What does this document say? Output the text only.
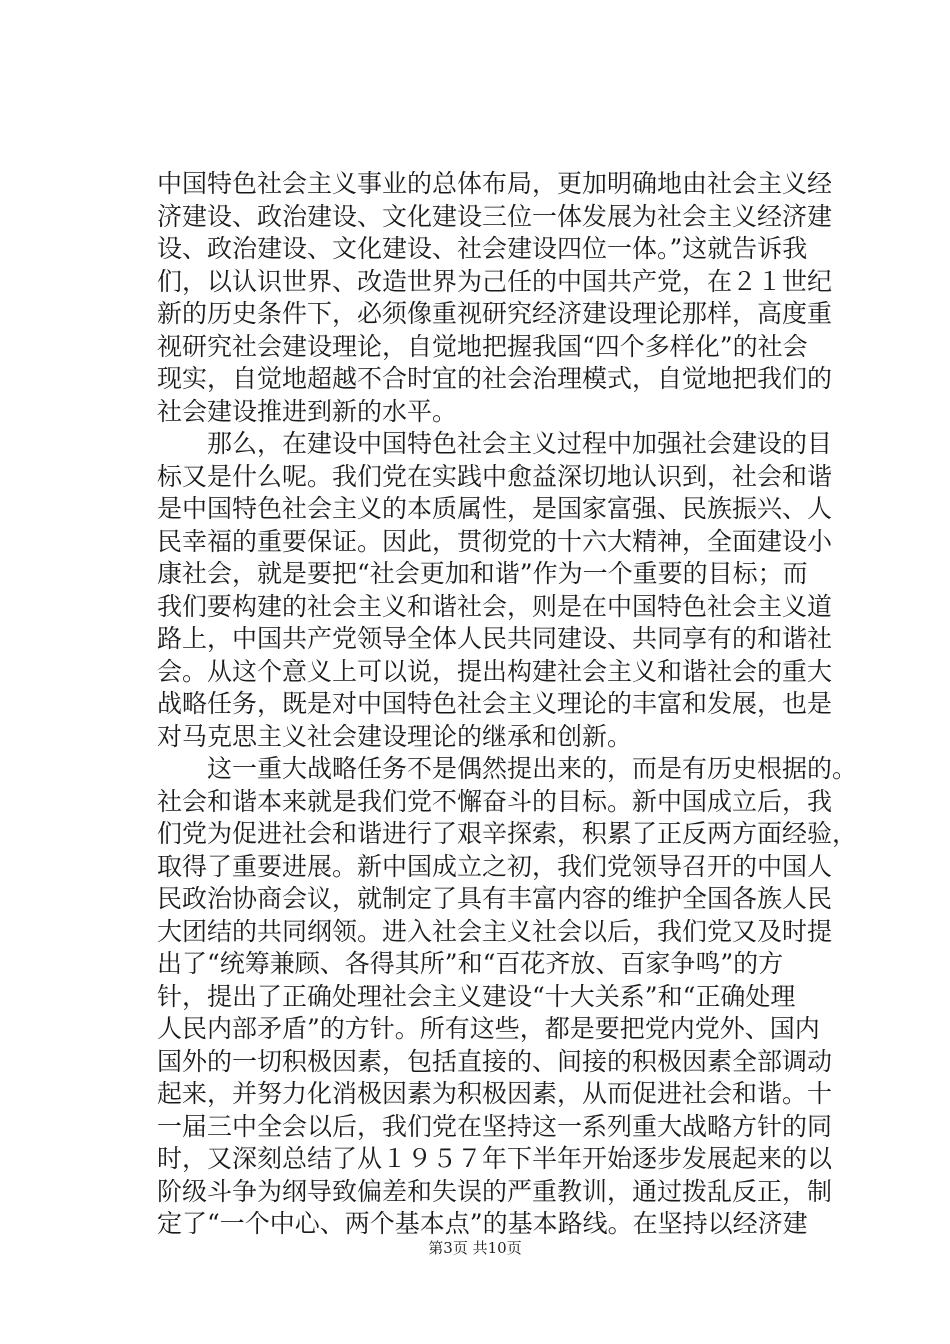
中国特色社会主义事业的总体布局，更加明确地由社会主义经
济建设、政治建设、文化建设三位一体发展为社会主义经济建
设、政治建设、文化建设、社会建设四位一体。”这就告诉我
们，以认识世界、改造世界为己任的中国共产党，在２１世纪
新的历史条件下，必须像重视研究经济建设理论那样，高度重
视研究社会建设理论，自觉地把握我国“四个多样化”的社会
现实，自觉地超越不合时宜的社会治理模式，自觉地把我们的
社会建设推进到新的水平。
　　那么，在建设中国特色社会主义过程中加强社会建设的目
标又是什么呢。我们党在实践中愈益深切地认识到，社会和谐
是中国特色社会主义的本质属性，是国家富强、民族振兴、人
民幸福的重要保证。因此，贯彻党的十六大精神，全面建设小
康社会，就是要把“社会更加和谐”作为一个重要的目标；而
我们要构建的社会主义和谐社会，则是在中国特色社会主义道
路上，中国共产党领导全体人民共同建设、共同享有的和谐社
会。从这个意义上可以说，提出构建社会主义和谐社会的重大
战略任务，既是对中国特色社会主义理论的丰富和发展，也是
对马克思主义社会建设理论的继承和创新。
　　这一重大战略任务不是偶然提出来的，而是有历史根据的。
社会和谐本来就是我们党不懈奋斗的目标。新中国成立后，我
们党为促进社会和谐进行了艰辛探索，积累了正反两方面经验，
取得了重要进展。新中国成立之初，我们党领导召开的中国人
民政治协商会议，就制定了具有丰富内容的维护全国各族人民
大团结的共同纲领。进入社会主义社会以后，我们党又及时提
出了“统筹兼顾、各得其所”和“百花齐放、百家争鸣”的方
针，提出了正确处理社会主义建设“十大关系”和“正确处理
人民内部矛盾”的方针。所有这些，都是要把党内党外、国内
国外的一切积极因素，包括直接的、间接的积极因素全部调动
起来，并努力化消极因素为积极因素，从而促进社会和谐。十
一届三中全会以后，我们党在坚持这一系列重大战略方针的同
时，又深刻总结了从１９５７年下半年开始逐步发展起来的以
阶级斗争为纲导致偏差和失误的严重教训，通过拨乱反正，制
定了“一个中心、两个基本点”的基本路线。在坚持以经济建
第3页 共10页
